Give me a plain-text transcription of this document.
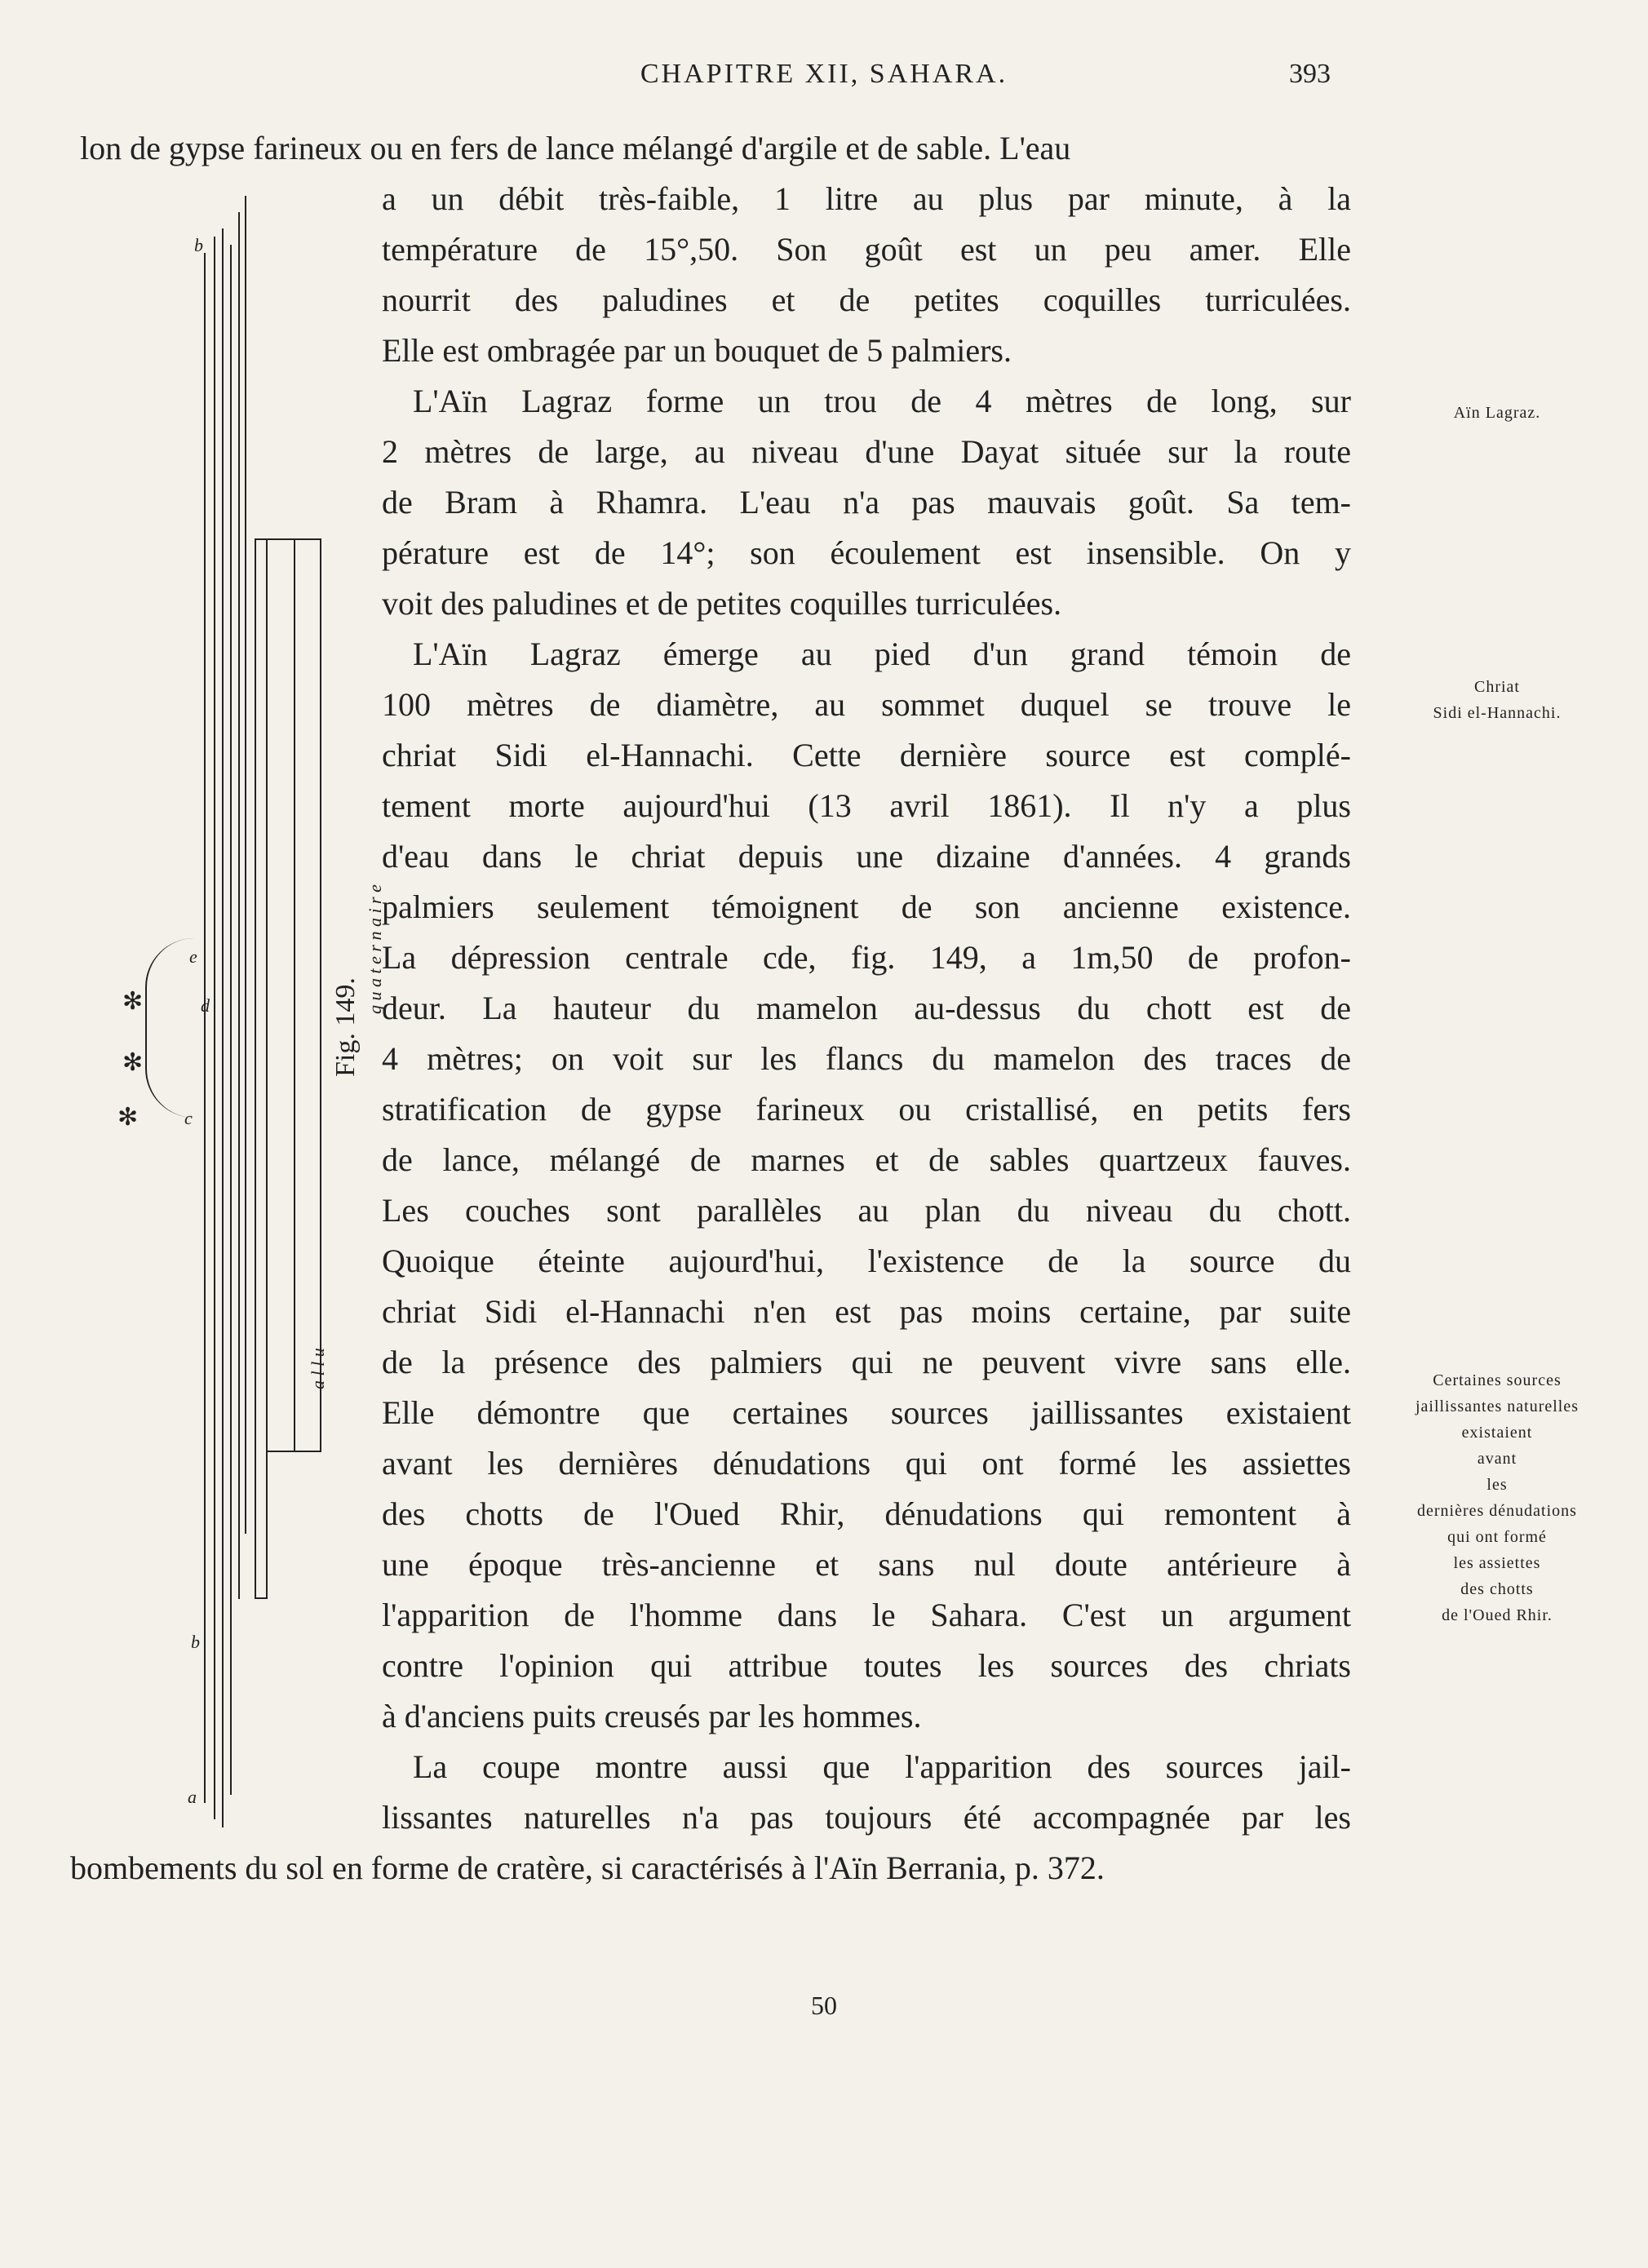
CHAPITRE XII, SAHARA.	393
lon de gypse farineux ou en fers de lance mélangé d'argile et de sable. L'eau
a un débit très-faible, 1 litre au plus par minute, à la
température de 15°,50. Son goût est un peu amer. Elle
nourrit des paludines et de petites coquilles turriculées.
Elle est ombragée par un bouquet de 5 palmiers.
L'Aïn Lagraz forme un trou de 4 mètres de long, sur
2 mètres de large, au niveau d'une Dayat située sur la route
de Bram à Rhamra. L'eau n'a pas mauvais goût. Sa tem-
pérature est de 14°; son écoulement est insensible. On y
voit des paludines et de petites coquilles turriculées.
L'Aïn Lagraz émerge au pied d'un grand témoin de
100 mètres de diamètre, au sommet duquel se trouve le
chriat Sidi el-Hannachi. Cette dernière source est complé-
tement morte aujourd'hui (13 avril 1861). Il n'y a plus
d'eau dans le chriat depuis une dizaine d'années. 4 grands
palmiers seulement témoignent de son ancienne existence.
La dépression centrale cde, fig. 149, a 1m,50 de profon-
deur. La hauteur du mamelon au-dessus du chott est de
4 mètres; on voit sur les flancs du mamelon des traces de
stratification de gypse farineux ou cristallisé, en petits fers
de lance, mélangé de marnes et de sables quartzeux fauves.
Les couches sont parallèles au plan du niveau du chott.
Quoique éteinte aujourd'hui, l'existence de la source du
chriat Sidi el-Hannachi n'en est pas moins certaine, par suite
de la présence des palmiers qui ne peuvent vivre sans elle.
Elle démontre que certaines sources jaillissantes existaient
avant les dernières dénudations qui ont formé les assiettes
des chotts de l'Oued Rhir, dénudations qui remontent à
une époque très-ancienne et sans nul doute antérieure à
l'apparition de l'homme dans le Sahara. C'est un argument
contre l'opinion qui attribue toutes les sources des chriats
à d'anciens puits creusés par les hommes.
La coupe montre aussi que l'apparition des sources jail-
lissantes naturelles n'a pas toujours été accompagnée par les
bombements du sol en forme de cratère, si caractérisés à l'Aïn Berrania, p. 372.
Aïn Lagraz.
Chriat
Sidi el-Hannachi.
Certaines sources
jaillissantes naturelles
existaient
avant
les
dernières dénudations
qui ont formé
les assiettes
des chotts
de l'Oued Rhir.
✻
✻
✻
q u a t e r n a i r e
a l l u
b
d
c
e
b
a
Fig. 149.
50
